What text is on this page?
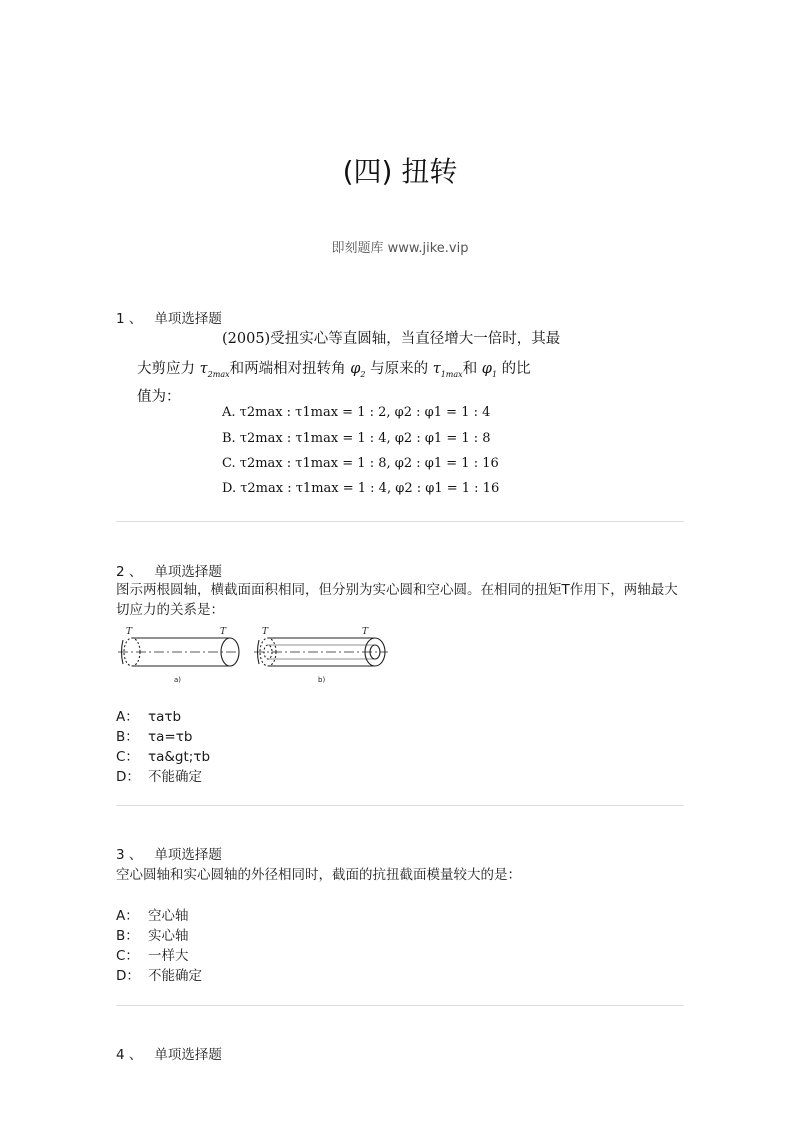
(四) 扭转
即刻题库 www.jike.vip
1 、 单项选择题
(2005)受扭实心等直圆轴，当直径增大一倍时，其最
大剪应力 $\tau_{2max}$和两端相对扭转角 $\varphi_2$ 与原来的 $\tau_{1max}$和 $\varphi_1$ 的比
值为：
A. τ2max : τ1max = 1 : 2, φ2 : φ1 = 1 : 4
B. τ2max : τ1max = 1 : 4, φ2 : φ1 = 1 : 8
C. τ2max : τ1max = 1 : 8, φ2 : φ1 = 1 : 16
D. τ2max : τ1max = 1 : 4, φ2 : φ1 = 1 : 16
2 、 单项选择题
图示两根圆轴，横截面面积相同，但分别为实心圆和空心圆。在相同的扭矩T作用下，两轴最大切应力的关系是：
T	T	T	T
a)	b)
A： τaτb
B： τa=τb
C： τa&gt;τb
D： 不能确定
3 、 单项选择题
空心圆轴和实心圆轴的外径相同时，截面的抗扭截面模量较大的是：
A： 空心轴
B： 实心轴
C： 一样大
D： 不能确定
4 、 单项选择题
